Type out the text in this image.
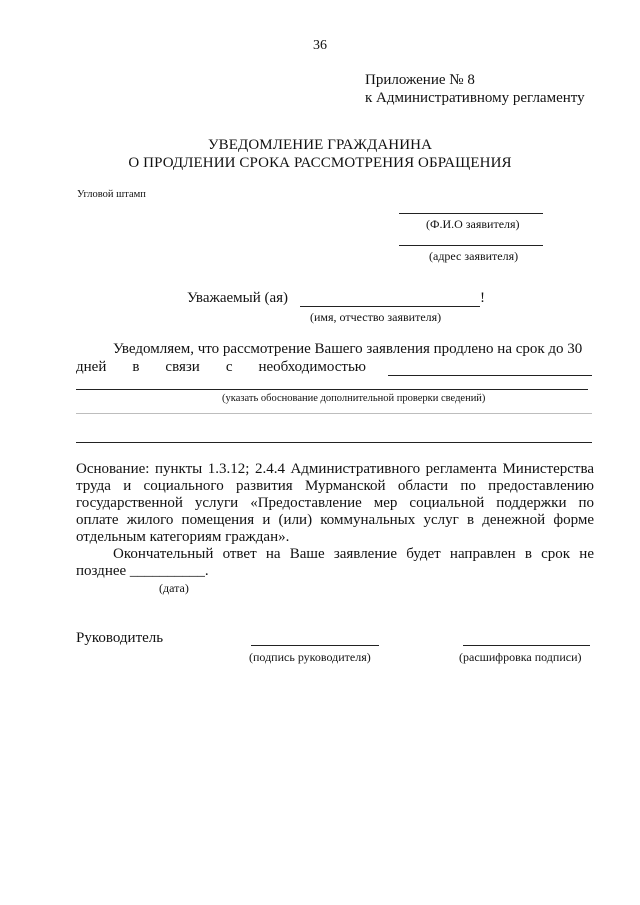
36
Приложение № 8
к Административному регламенту
УВЕДОМЛЕНИЕ ГРАЖДАНИНА
О ПРОДЛЕНИИ СРОКА РАССМОТРЕНИЯ ОБРАЩЕНИЯ
Угловой штамп
(Ф.И.О заявителя)
(адрес заявителя)
Уважаемый (ая)	!
(имя, отчество заявителя)
Уведомляем, что рассмотрение Вашего заявления продлено на срок до 30
дней в связи с необходимостью
(указать обоснование дополнительной проверки сведений)
Основание: пункты 1.3.12; 2.4.4 Административного регламента Министерства
труда и социального развития Мурманской области по предоставлению
государственной услуги «Предоставление мер социальной поддержки по
оплате жилого помещения и (или) коммунальных услуг в денежной форме
отдельным категориям граждан».
Окончательный ответ на Ваше заявление будет направлен в срок не
позднее __________.
(дата)
Руководитель
(подпись руководителя)	(расшифровка подписи)
